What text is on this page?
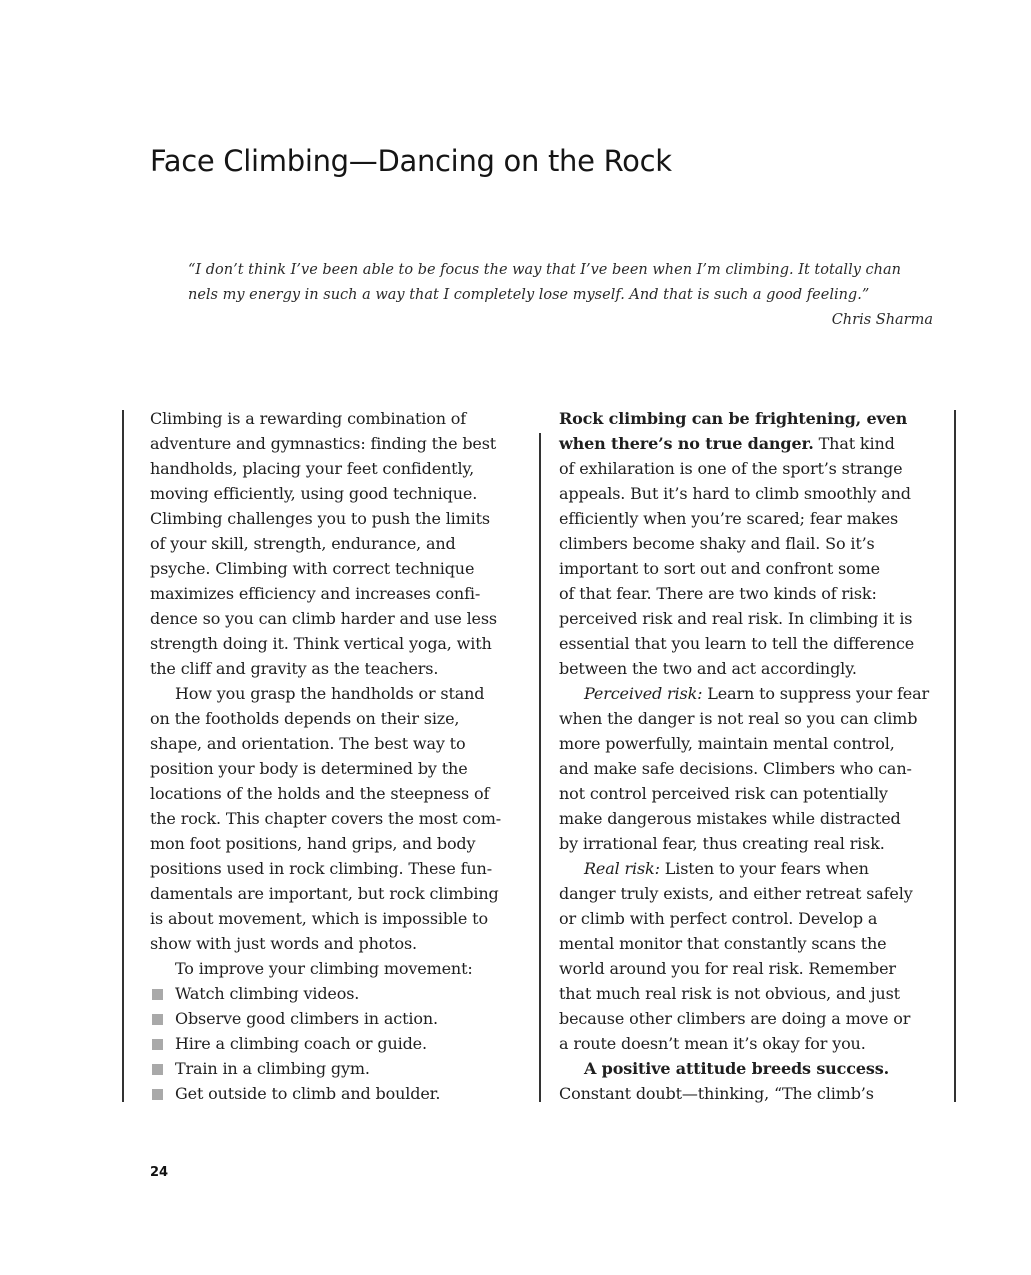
Face Climbing—Dancing on the Rock

“I don’t think I’ve been able to be focus the way that I’ve been when I’m climbing. It totally chan

nels my energy in such a way that I completely lose myself. And that is such a good feeling.”

Chris Sharma

Climbing is a rewarding combination of
adventure and gymnastics: finding the best
handholds, placing your feet confidently,
moving efficiently, using good technique.
Climbing challenges you to push the limits
of your skill, strength, endurance, and
psyche. Climbing with correct technique
maximizes efficiency and increases confi-
dence so you can climb harder and use less
strength doing it. Think vertical yoga, with
the cliff and gravity as the teachers.
How you grasp the handholds or stand
on the footholds depends on their size,
shape, and orientation. The best way to
position your body is determined by the
locations of the holds and the steepness of
the rock. This chapter covers the most com-
mon foot positions, hand grips, and body
positions used in rock climbing. These fun-
damentals are important, but rock climbing
is about movement, which is impossible to
show with just words and photos.
To improve your climbing movement:
Watch climbing videos.
Observe good climbers in action.
Hire a climbing coach or guide.
Train in a climbing gym.
Get outside to climb and boulder.
Rock climbing can be frightening, even
when there’s no true danger. That kind
of exhilaration is one of the sport’s strange
appeals. But it’s hard to climb smoothly and
efficiently when you’re scared; fear makes
climbers become shaky and flail. So it’s
important to sort out and confront some
of that fear. There are two kinds of risk:
perceived risk and real risk. In climbing it is
essential that you learn to tell the difference
between the two and act accordingly.
Perceived risk: Learn to suppress your fear
when the danger is not real so you can climb
more powerfully, maintain mental control,
and make safe decisions. Climbers who can-
not control perceived risk can potentially
make dangerous mistakes while distracted
by irrational fear, thus creating real risk.
Real risk: Listen to your fears when
danger truly exists, and either retreat safely
or climb with perfect control. Develop a
mental monitor that constantly scans the
world around you for real risk. Remember
that much real risk is not obvious, and just
because other climbers are doing a move or
a route doesn’t mean it’s okay for you.
A positive attitude breeds success.
Constant doubt—thinking, “The climb’s
24
